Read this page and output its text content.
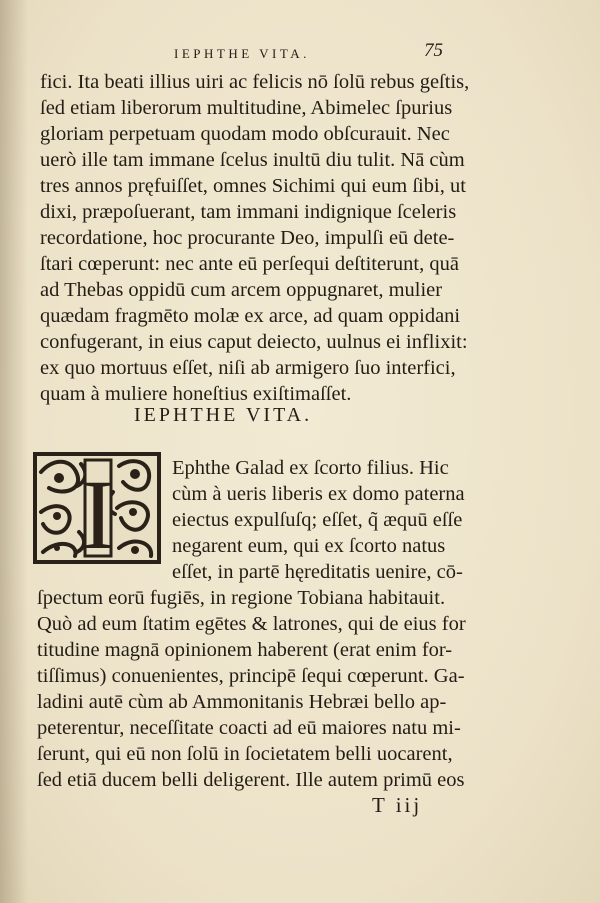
IEPHTHE VITA.	75
fici. Ita beati illius uiri ac felicis nō ſolū rebus geſtis,
ſed etiam liberorum multitudine, Abimelec ſpurius
gloriam perpetuam quodam modo obſcurauit. Nec
uerò ille tam immane ſcelus inultū diu tulit. Nā cùm
tres annos pręfuiſſet, omnes Sichimi qui eum ſibi, ut
dixi, præpoſuerant, tam immani indignique ſceleris
recordatione, hoc procurante Deo, impulſi eū dete-
ſtari cœperunt: nec ante eū perſequi deſtiterunt, quā
ad Thebas oppidū cum arcem oppugnaret, mulier
quædam fragmēto molæ ex arce, ad quam oppidani
confugerant, in eius caput deiecto, uulnus ei inflixit:
ex quo mortuus eſſet, niſi ab armigero ſuo interfici,
quam à muliere honeſtius exiſtimaſſet.
IEPHTHE VITA.
I	Ephthe Galad ex ſcorto filius. Hic
cùm à ueris liberis ex domo paterna
eiectus expulſuſq; eſſet, q̃ æquū eſſe
negarent eum, qui ex ſcorto natus
eſſet, in partē hęreditatis uenire, cō-
ſpectum eorū fugiēs, in regione Tobiana habitauit.
Quò ad eum ſtatim egētes & latrones, qui de eius for
titudine magnā opinionem haberent (erat enim for-
tiſſimus) conuenientes, principē ſequi cœperunt. Ga-
ladini autē cùm ab Ammonitanis Hebræi bello ap-
peterentur, neceſſitate coacti ad eū maiores natu mi-
ſerunt, qui eū non ſolū in ſocietatem belli uocarent,
ſed etiā ducem belli deligerent. Ille autem primū eos
T iij
